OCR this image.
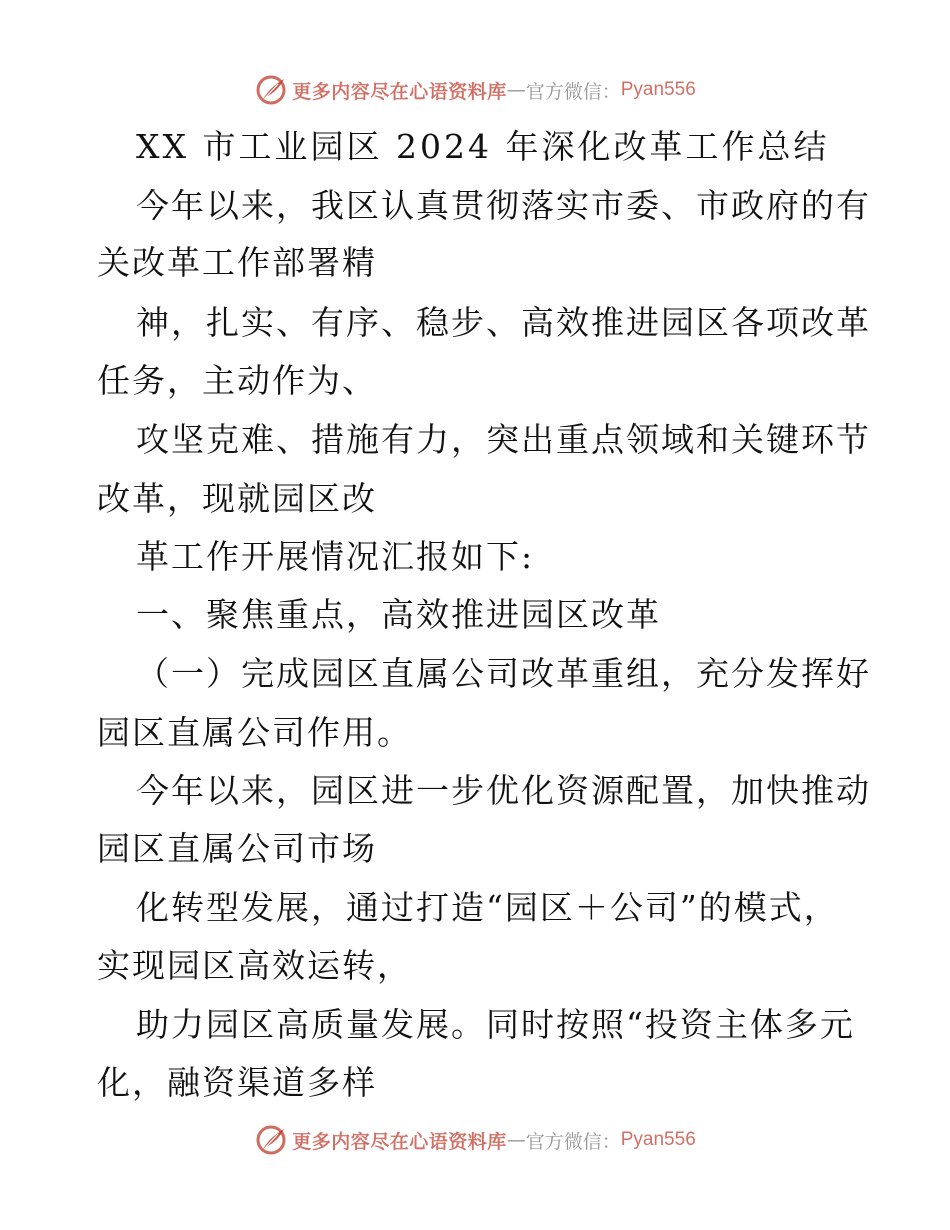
更多内容尽在心语资料库 — 官方微信： Pyan556
XX 市工业园区 2024 年深化改革工作总结
今年以来，我区认真贯彻落实市委、市政府的有
关改革工作部署精
神，扎实、有序、稳步、高效推进园区各项改革
任务，主动作为、
攻坚克难、措施有力，突出重点领域和关键环节
改革，现就园区改
革工作开展情况汇报如下:
一、聚焦重点，高效推进园区改革
（一）完成园区直属公司改革重组，充分发挥好
园区直属公司作用。
今年以来，园区进一步优化资源配置，加快推动
园区直属公司市场
化转型发展，通过打造“园区＋公司”的模式，
实现园区高效运转，
助力园区高质量发展。同时按照“投资主体多元
化，融资渠道多样
更多内容尽在心语资料库 — 官方微信： Pyan556
